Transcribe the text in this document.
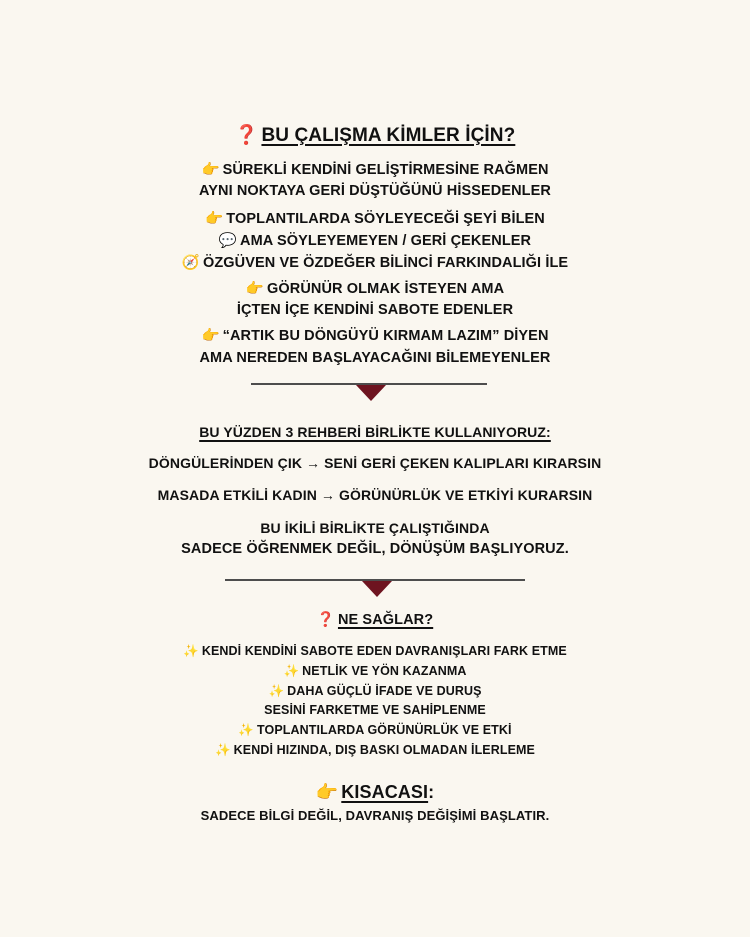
❓ BU ÇALIŞMA KİMLER İÇİN?
👉 SÜREKLİ KENDİNİ GELİŞTİRMESİNE RAĞMEN
AYNI NOKTAYA GERİ DÜŞTÜĞÜNÜ HİSSEDENLER
👉 TOPLANTILARDA SÖYLEYECEĞİ ŞEYİ BİLEN
💬 AMA SÖYLEYEMEYEN / GERİ ÇEKENLER
🧭 ÖZGÜVEN VE ÖZDEĞER BİLİNCİ FARKINDALIĞI İLE
👉 GÖRÜNÜR OLMAK İSTEYEN AMA
İÇTEN İÇE KENDİNİ SABOTE EDENLER
👉 “ARTIK BU DÖNGÜYÜ KIRMAM LAZIM” DİYEN
AMA NEREDEN BAŞLAYACAĞINI BİLEMEYENLER
BU YÜZDEN 3 REHBERİ BİRLİKTE KULLANIYORUZ:
DÖNGÜLERİNDEN ÇIK → SENİ GERİ ÇEKEN KALIPLARI KIRARSIN
MASADA ETKİLİ KADIN → GÖRÜNÜRLÜK VE ETKİYİ KURARSIN
BU İKİLİ BİRLİKTE ÇALIŞTIĞINDA
SADECE ÖĞRENMEK DEĞİL, DÖNÜŞÜM BAŞLIYORUZ.
❓ NE SAĞLAR?
✨ KENDİ KENDİNİ SABOTE EDEN DAVRANIŞLARI FARK ETME
✨ NETLİK VE YÖN KAZANMA
✨ DAHA GÜÇLÜ İFADE VE DURUŞ
SESİNİ FARKETME VE SAHİPLENME
✨ TOPLANTILARDA GÖRÜNÜRLÜK VE ETKİ
✨ KENDİ HIZINDA, DIŞ BASKI OLMADAN İLERLEME
👉 KISACASI:
SADECE BİLGİ DEĞİL, DAVRANIŞ DEĞİŞİMİ BAŞLATIR.
